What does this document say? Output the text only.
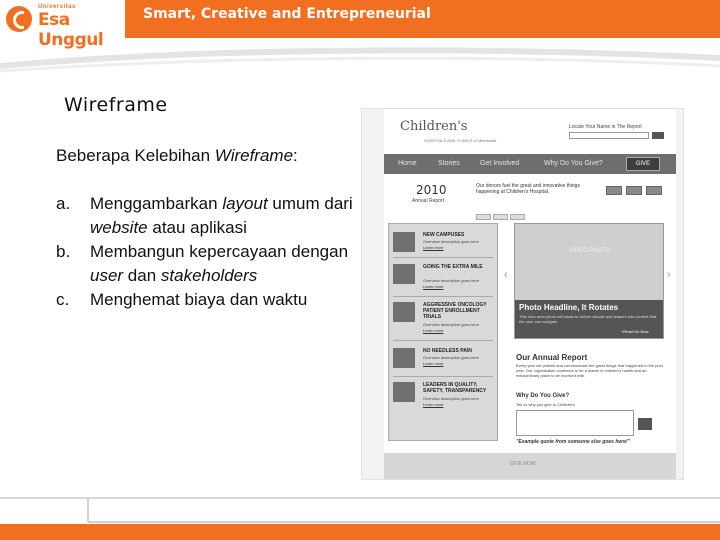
Universitas
Esa Unggul
Smart, Creative and Entrepreneurial
Wireframe
Beberapa Kelebihan Wireframe:
a. Menggambarkan layout umum dari website atau aplikasi
b. Membangun kepercayaan dengan user dan stakeholders
c. Menghemat biaya dan waktu
Children's
HOSPITALS AND CLINICS of Minnesota
Locate Your Name in The Report
Home	Stories	Get Involved	Why Do You Give?	GIVE
2010
Annual Report
Our donors fuel the great and innovative things happening at Children's Hospital.
NEW CAMPUSES
Overview description goes here
Learn more
GOING THE EXTRA MILE
Overview description goes here
Learn more
AGGRESSIVE ONCOLOGY PATIENT ENROLLMENT TRIALS
Overview description goes here
Learn more
NO NEEDLESS PAIN
Overview description goes here
Learn more
LEADERS IN QUALITY, SAFETY, TRANSPARENCY
Overview description goes here
Learn more
‹
VIDEO PHOTO
Photo Headline, It Rotates
This hero area photo will rotate to deliver visuals and teasers into content that the user can navigate.
+Read On Now
›
Our Annual Report
Every year we publish and communicate the great things that happened in the prior year. Our organization continues to be a leader in children's health and an extraordinary place to be involved with.
Why Do You Give?
Tell us why you give to Children's
"Example quote from someone else goes here!"
GIVE NOW
